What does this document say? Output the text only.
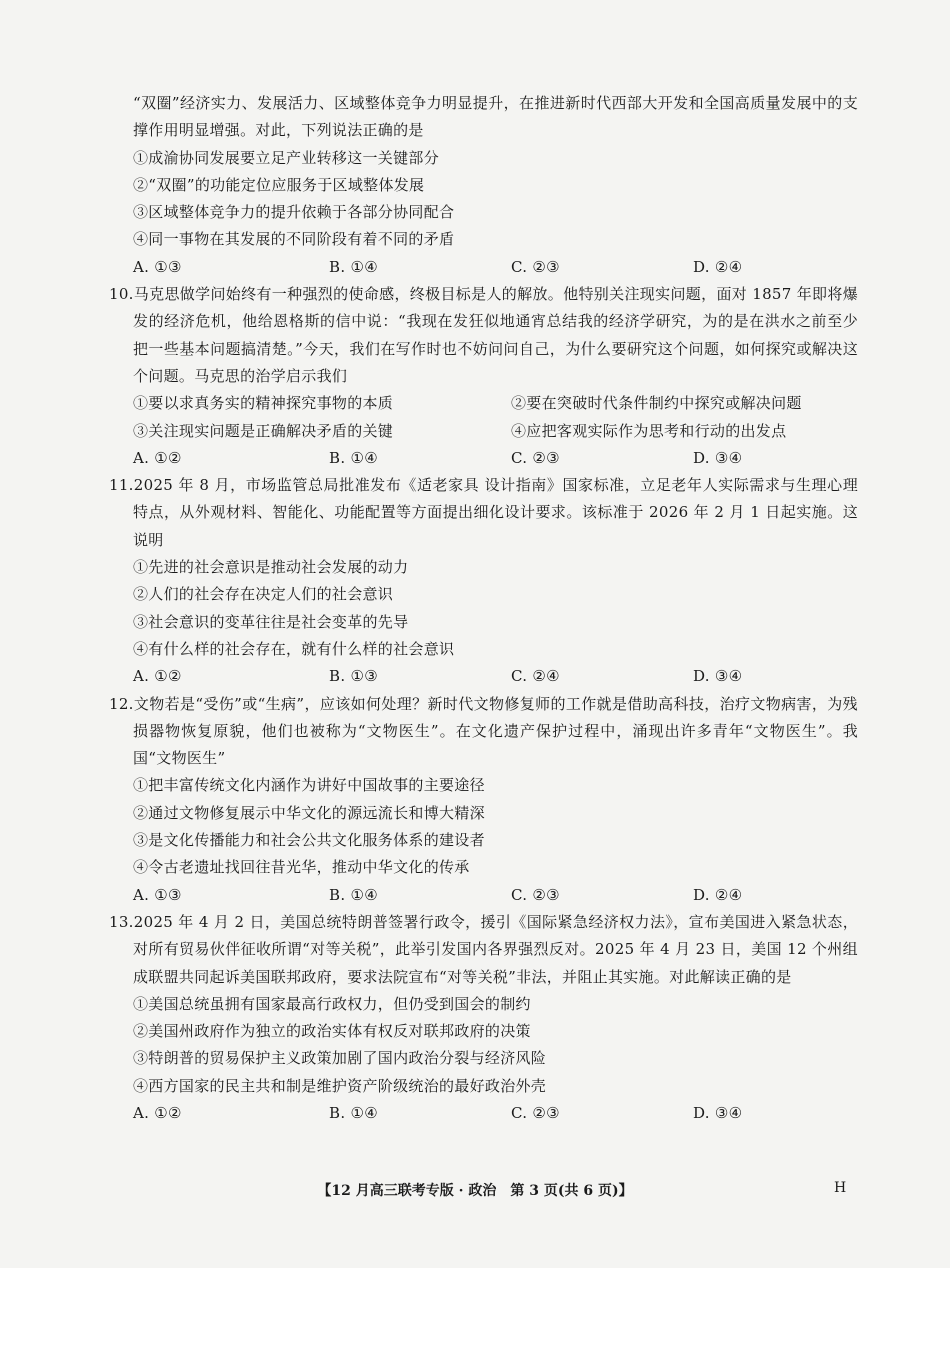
“双圈”经济实力、发展活力、区域整体竞争力明显提升，在推进新时代西部大开发和全国高质量发展中的支撑作用明显增强。对此，下列说法正确的是

①成渝协同发展要立足产业转移这一关键部分

②“双圈”的功能定位应服务于区域整体发展

③区域整体竞争力的提升依赖于各部分协同配合

④同一事物在其发展的不同阶段有着不同的矛盾

A. ①③	B. ①④	C. ②③	D. ②④

10.马克思做学问始终有一种强烈的使命感，终极目标是人的解放。他特别关注现实问题，面对 1857 年即将爆发的经济危机，他给恩格斯的信中说：“我现在发狂似地通宵总结我的经济学研究，为的是在洪水之前至少把一些基本问题搞清楚。”今天，我们在写作时也不妨问问自己，为什么要研究这个问题，如何探究或解决这个问题。马克思的治学启示我们

①要以求真务实的精神探究事物的本质	②要在突破时代条件制约中探究或解决问题
③关注现实问题是正确解决矛盾的关键	④应把客观实际作为思考和行动的出发点
A. ①②	B. ①④	C. ②③	D. ③④

11.2025 年 8 月，市场监管总局批准发布《适老家具 设计指南》国家标准，立足老年人实际需求与生理心理特点，从外观材料、智能化、功能配置等方面提出细化设计要求。该标准于 2026 年 2 月 1 日起实施。这说明

①先进的社会意识是推动社会发展的动力

②人们的社会存在决定人们的社会意识

③社会意识的变革往往是社会变革的先导

④有什么样的社会存在，就有什么样的社会意识

A. ①②	B. ①③	C. ②④	D. ③④

12.文物若是“受伤”或“生病”，应该如何处理？新时代文物修复师的工作就是借助高科技，治疗文物病害，为残损器物恢复原貌，他们也被称为“文物医生”。在文化遗产保护过程中，涌现出许多青年“文物医生”。我国“文物医生”

①把丰富传统文化内涵作为讲好中国故事的主要途径

②通过文物修复展示中华文化的源远流长和博大精深

③是文化传播能力和社会公共文化服务体系的建设者

④令古老遗址找回往昔光华，推动中华文化的传承

A. ①③	B. ①④	C. ②③	D. ②④

13.2025 年 4 月 2 日，美国总统特朗普签署行政令，援引《国际紧急经济权力法》，宣布美国进入紧急状态，对所有贸易伙伴征收所谓“对等关税”，此举引发国内各界强烈反对。2025 年 4 月 23 日，美国 12 个州组成联盟共同起诉美国联邦政府，要求法院宣布“对等关税”非法，并阻止其实施。对此解读正确的是

①美国总统虽拥有国家最高行政权力，但仍受到国会的制约

②美国州政府作为独立的政治实体有权反对联邦政府的决策

③特朗普的贸易保护主义政策加剧了国内政治分裂与经济风险

④西方国家的民主共和制是维护资产阶级统治的最好政治外壳

A. ①②	B. ①④	C. ②③	D. ③④
【12 月高三联考专版 · 政治　第 3 页(共 6 页)】	H
